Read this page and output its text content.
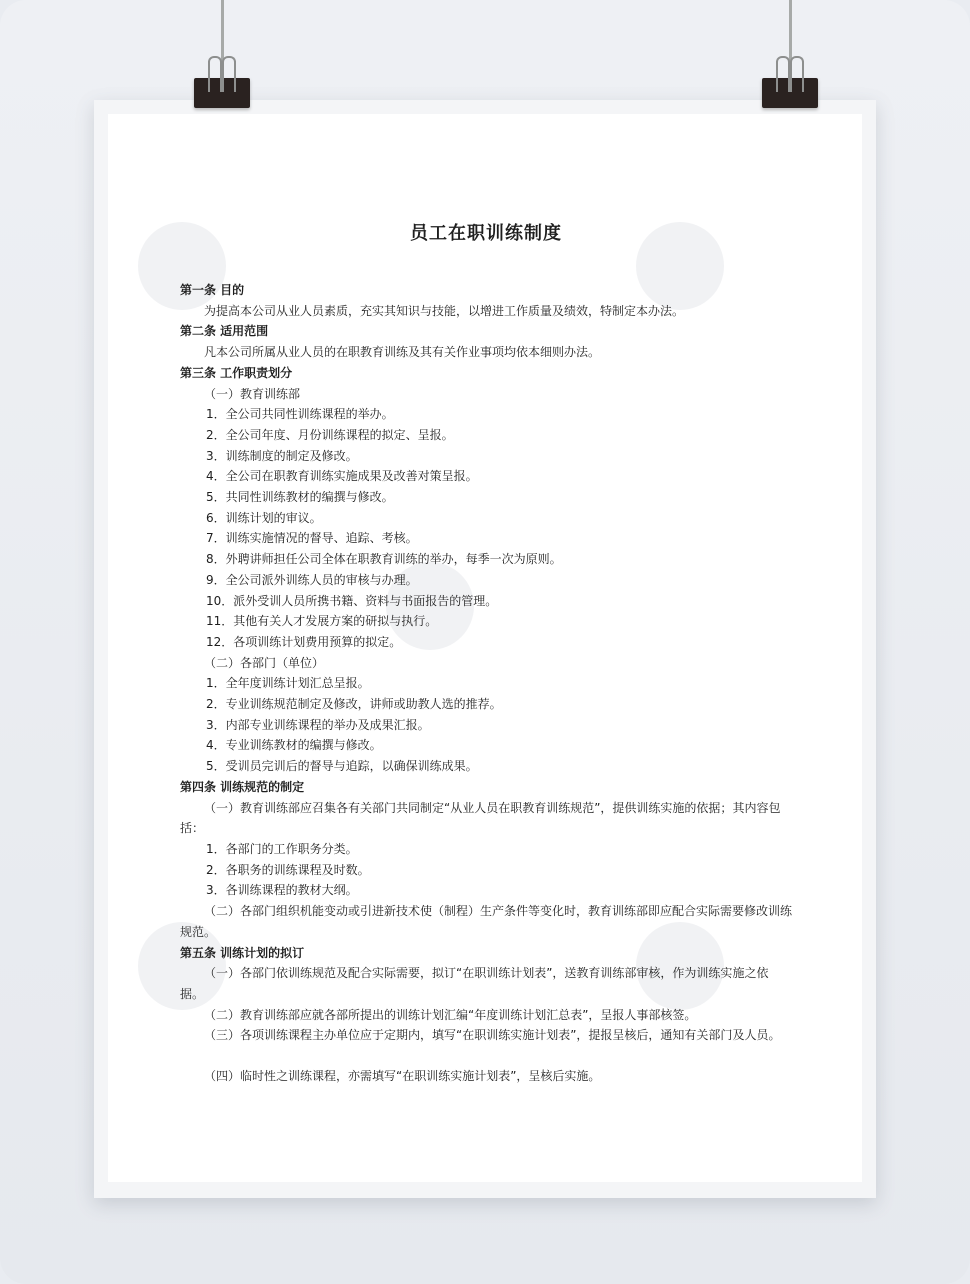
员工在职训练制度

第一条 目的

为提高本公司从业人员素质，充实其知识与技能，以增进工作质量及绩效，特制定本办法。

第二条 适用范围

凡本公司所属从业人员的在职教育训练及其有关作业事项均依本细则办法。

第三条 工作职责划分

（一）教育训练部

1．全公司共同性训练课程的举办。

2．全公司年度、月份训练课程的拟定、呈报。

3．训练制度的制定及修改。

4．全公司在职教育训练实施成果及改善对策呈报。

5．共同性训练教材的编撰与修改。

6．训练计划的审议。

7．训练实施情况的督导、追踪、考核。

8．外聘讲师担任公司全体在职教育训练的举办，每季一次为原则。

9．全公司派外训练人员的审核与办理。

10．派外受训人员所携书籍、资料与书面报告的管理。

11．其他有关人才发展方案的研拟与执行。

12．各项训练计划费用预算的拟定。

（二）各部门（单位）

1．全年度训练计划汇总呈报。

2．专业训练规范制定及修改，讲师或助教人选的推荐。

3．内部专业训练课程的举办及成果汇报。

4．专业训练教材的编撰与修改。

5．受训员完训后的督导与追踪，以确保训练成果。

第四条 训练规范的制定

（一）教育训练部应召集各有关部门共同制定“从业人员在职教育训练规范”，提供训练实施的依据；其内容包括：

1．各部门的工作职务分类。

2．各职务的训练课程及时数。

3．各训练课程的教材大纲。

（二）各部门组织机能变动或引进新技术使（制程）生产条件等变化时，教育训练部即应配合实际需要修改训练规范。

第五条 训练计划的拟订

（一）各部门依训练规范及配合实际需要，拟订“在职训练计划表”，送教育训练部审核，作为训练实施之依据。

（二）教育训练部应就各部所提出的训练计划汇编“年度训练计划汇总表”，呈报人事部核签。

（三）各项训练课程主办单位应于定期内，填写“在职训练实施计划表”，提报呈核后，通知有关部门及人员。

（四）临时性之训练课程，亦需填写“在职训练实施计划表”，呈核后实施。
